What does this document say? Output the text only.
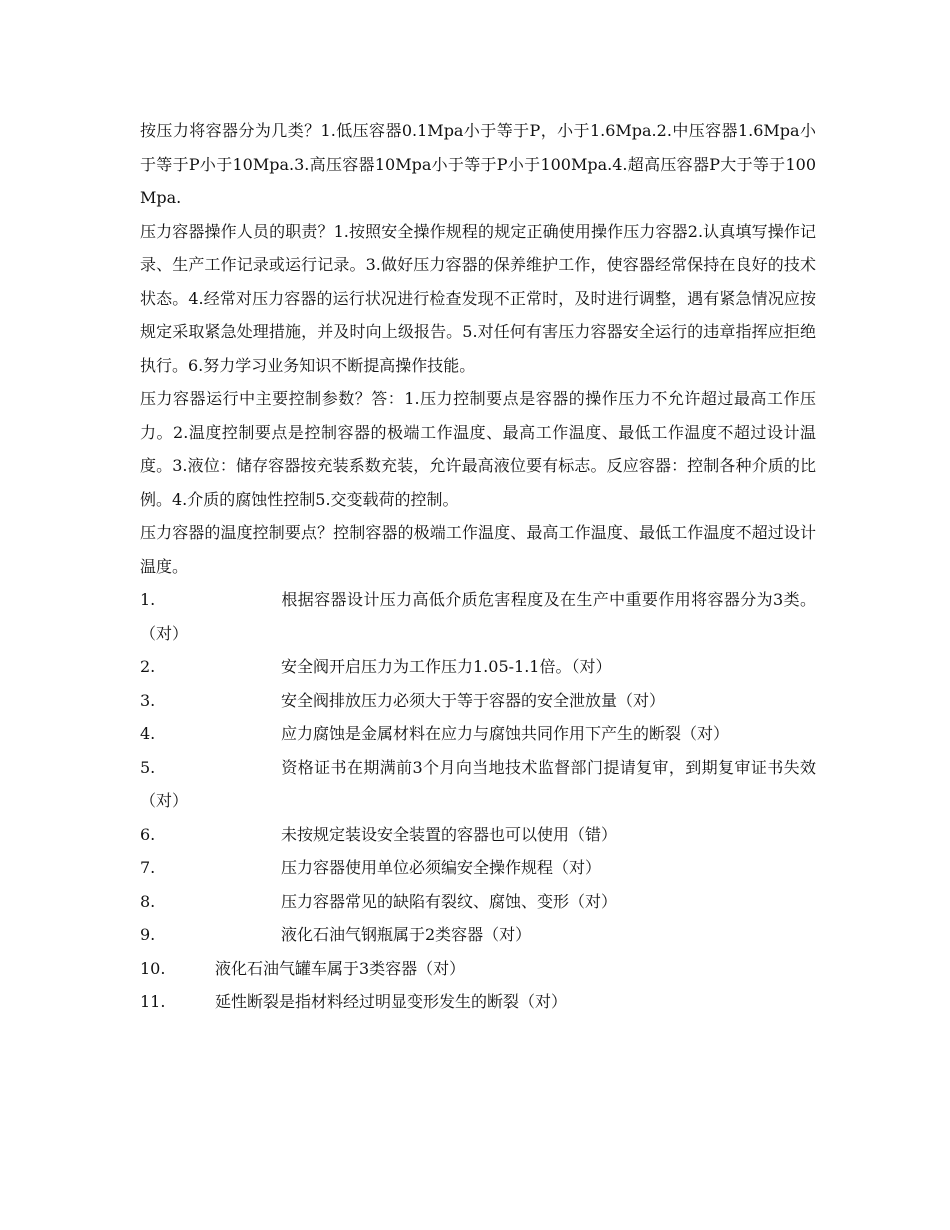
按压力将容器分为几类？1.低压容器0.1Mpa小于等于P，小于1.6Mpa.2.中压容器1.6Mpa小于等于P小于10Mpa.3.高压容器10Mpa小于等于P小于100Mpa.4.超高压容器P大于等于100Mpa.

压力容器操作人员的职责？1.按照安全操作规程的规定正确使用操作压力容器2.认真填写操作记录、生产工作记录或运行记录。3.做好压力容器的保养维护工作，使容器经常保持在良好的技术状态。4.经常对压力容器的运行状况进行检查发现不正常时，及时进行调整，遇有紧急情况应按规定采取紧急处理措施，并及时向上级报告。5.对任何有害压力容器安全运行的违章指挥应拒绝执行。6.努力学习业务知识不断提高操作技能。

压力容器运行中主要控制参数？答：1.压力控制要点是容器的操作压力不允许超过最高工作压力。2.温度控制要点是控制容器的极端工作温度、最高工作温度、最低工作温度不超过设计温度。3.液位：储存容器按充装系数充装，允许最高液位要有标志。反应容器：控制各种介质的比例。4.介质的腐蚀性控制5.交变载荷的控制。

压力容器的温度控制要点？控制容器的极端工作温度、最高工作温度、最低工作温度不超过设计温度。

1.	根据容器设计压力高低介质危害程度及在生产中重要作用将容器分为3类。（对）
2.	安全阀开启压力为工作压力1.05-1.1倍。（对）
3.	安全阀排放压力必须大于等于容器的安全泄放量（对）
4.	应力腐蚀是金属材料在应力与腐蚀共同作用下产生的断裂（对）
5.	资格证书在期满前3个月向当地技术监督部门提请复审，到期复审证书失效（对）
6.	未按规定装设安全装置的容器也可以使用（错）
7.	压力容器使用单位必须编安全操作规程（对）
8.	压力容器常见的缺陷有裂纹、腐蚀、变形（对）
9.	液化石油气钢瓶属于2类容器（对）
10.	液化石油气罐车属于3类容器（对）
11.	延性断裂是指材料经过明显变形发生的断裂（对）
